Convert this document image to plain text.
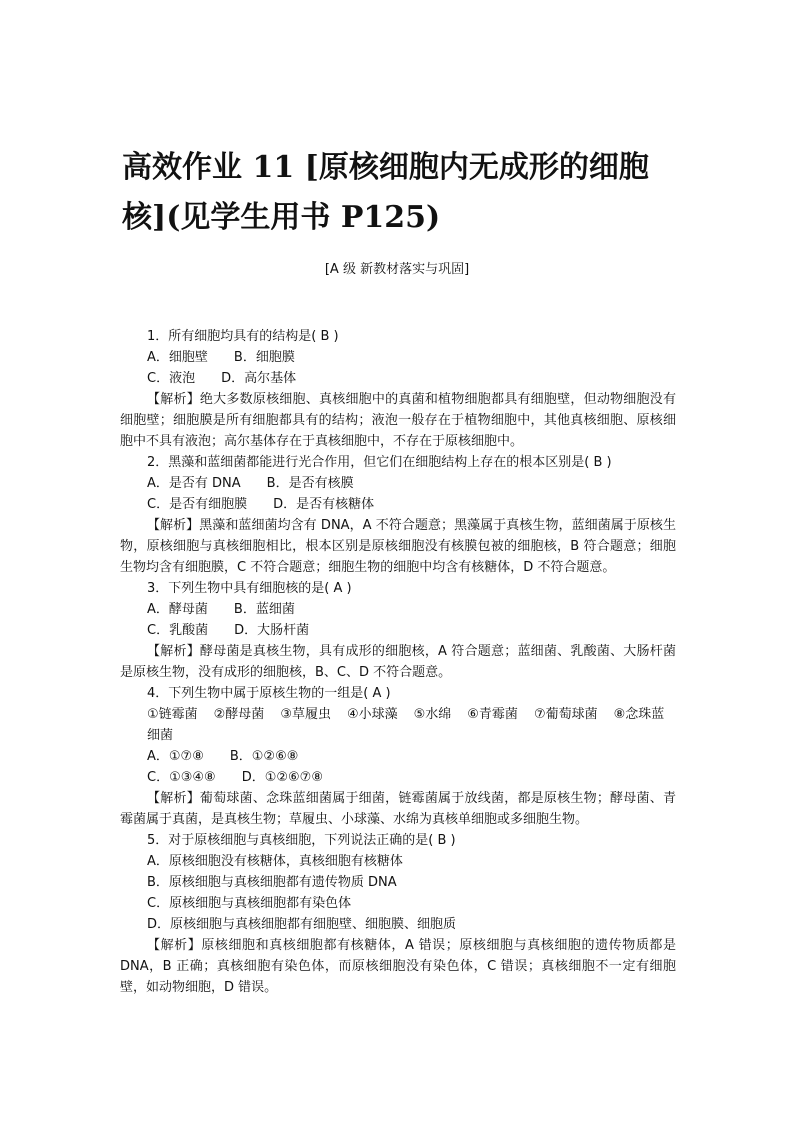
高效作业 11 [原核细胞内无成形的细胞核](见学生用书 P125)

[A 级 新教材落实与巩固]

1．所有细胞均具有的结构是( B )

A．细胞壁 B．细胞膜

C．液泡 D．高尔基体

【解析】绝大多数原核细胞、真核细胞中的真菌和植物细胞都具有细胞壁，但动物细胞没有细胞壁；细胞膜是所有细胞都具有的结构；液泡一般存在于植物细胞中，其他真核细胞、原核细胞中不具有液泡；高尔基体存在于真核细胞中，不存在于原核细胞中。

2．黑藻和蓝细菌都能进行光合作用，但它们在细胞结构上存在的根本区别是( B )

A．是否有 DNA B．是否有核膜

C．是否有细胞膜 D．是否有核糖体

【解析】黑藻和蓝细菌均含有 DNA，A 不符合题意；黑藻属于真核生物，蓝细菌属于原核生物，原核细胞与真核细胞相比，根本区别是原核细胞没有核膜包被的细胞核，B 符合题意；细胞生物均含有细胞膜，C 不符合题意；细胞生物的细胞中均含有核糖体，D 不符合题意。

3．下列生物中具有细胞核的是( A )

A．酵母菌 B．蓝细菌

C．乳酸菌 D．大肠杆菌

【解析】酵母菌是真核生物，具有成形的细胞核，A 符合题意；蓝细菌、乳酸菌、大肠杆菌是原核生物，没有成形的细胞核，B、C、D 不符合题意。

4．下列生物中属于原核生物的一组是( A )

①链霉菌 ②酵母菌 ③草履虫 ④小球藻 ⑤水绵 ⑥青霉菌 ⑦葡萄球菌 ⑧念珠蓝细菌

A．①⑦⑧ B．①②⑥⑧

C．①③④⑧ D．①②⑥⑦⑧

【解析】葡萄球菌、念珠蓝细菌属于细菌，链霉菌属于放线菌，都是原核生物；酵母菌、青霉菌属于真菌，是真核生物；草履虫、小球藻、水绵为真核单细胞或多细胞生物。

5．对于原核细胞与真核细胞，下列说法正确的是( B )

A．原核细胞没有核糖体，真核细胞有核糖体

B．原核细胞与真核细胞都有遗传物质 DNA

C．原核细胞与真核细胞都有染色体

D．原核细胞与真核细胞都有细胞壁、细胞膜、细胞质

【解析】原核细胞和真核细胞都有核糖体，A 错误；原核细胞与真核细胞的遗传物质都是 DNA，B 正确；真核细胞有染色体，而原核细胞没有染色体，C 错误；真核细胞不一定有细胞壁，如动物细胞，D 错误。
